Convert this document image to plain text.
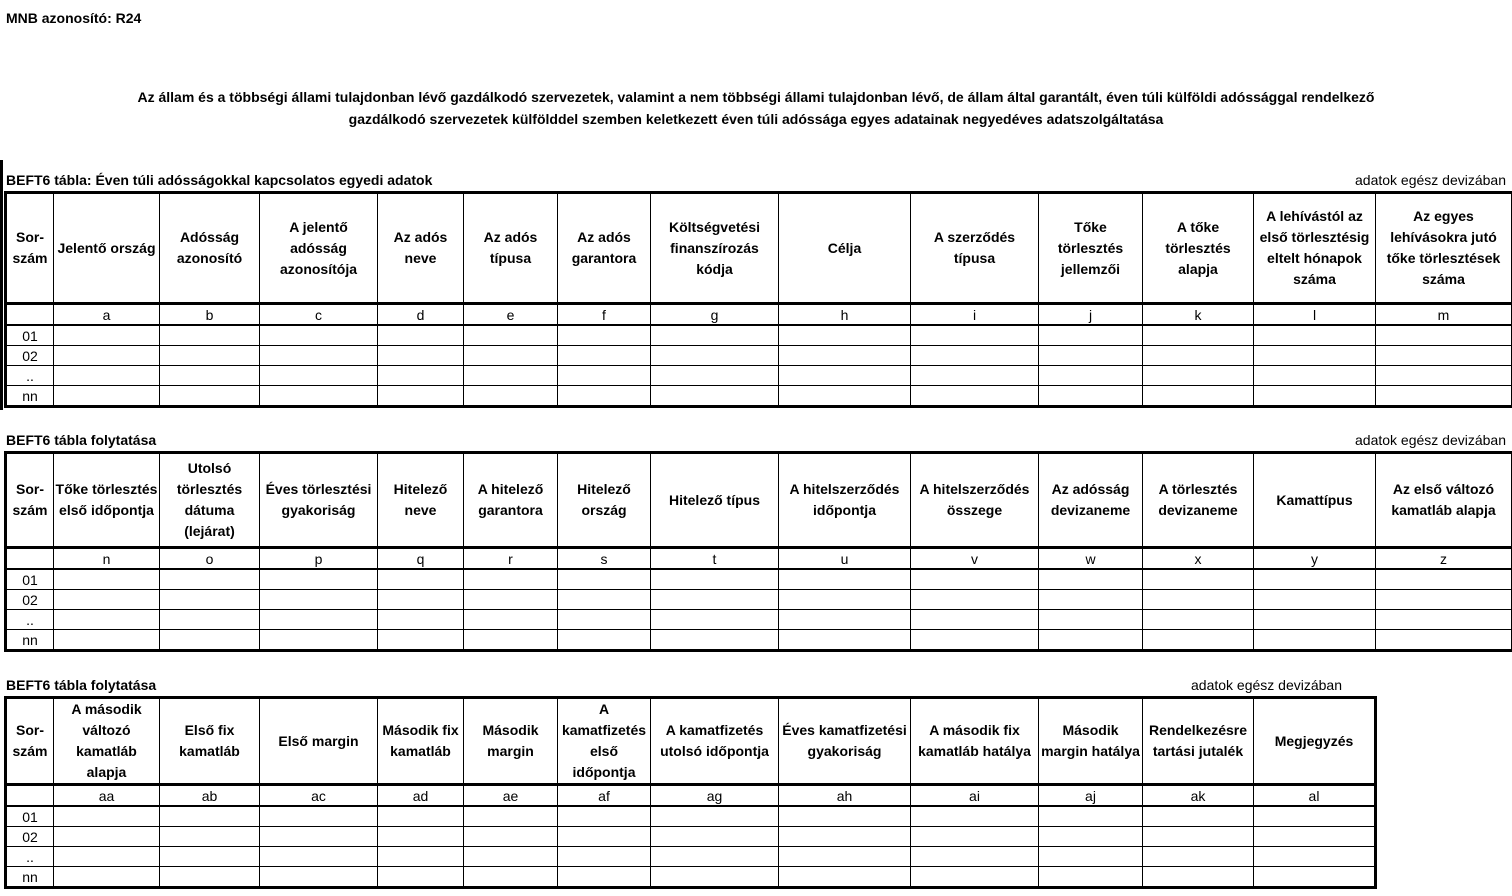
MNB azonosító: R24
Az állam és a többségi állami tulajdonban lévő gazdálkodó szervezetek, valamint a nem többségi állami tulajdonban lévő, de állam által garantált, éven túli külföldi adóssággal rendelkező
gazdálkodó szervezetek külfölddel szemben keletkezett éven túli adóssága egyes adatainak negyedéves adatszolgáltatása
BEFT6 tábla: Éven túli adósságokkal kapcsolatos egyedi adatok	adatok egész devizában
Sor-szám	Jelentő ország	Adósság azonosító	A jelentő adósság azonosítója	Az adós neve	Az adós típusa	Az adós garantora	Költségvetési finanszírozás kódja	Célja	A szerződés típusa	Tőke törlesztés jellemzői	A tőke törlesztés alapja	A lehívástól az első törlesztésig eltelt hónapok száma	Az egyes lehívásokra jutó tőke törlesztések száma
	a	b	c	d	e	f	g	h	i	j	k	l	m
01													
02													
..													
nn													
BEFT6 tábla folytatása	adatok egész devizában
Sor-szám	Tőke törlesztés első időpontja	Utolsó törlesztés dátuma (lejárat)	Éves törlesztési gyakoriság	Hitelező neve	A hitelező garantora	Hitelező ország	Hitelező típus	A hitelszerződés időpontja	A hitelszerződés összege	Az adósság devizaneme	A törlesztés devizaneme	Kamattípus	Az első változó kamatláb alapja
	n	o	p	q	r	s	t	u	v	w	x	y	z
01													
02													
..													
nn													
BEFT6 tábla folytatása	adatok egész devizában
Sor-szám	A második változó kamatláb alapja	Első fix kamatláb	Első margin	Második fix kamatláb	Második margin	A kamatfizetés első időpontja	A kamatfizetés utolsó időpontja	Éves kamatfizetési gyakoriság	A második fix kamatláb hatálya	Második margin hatálya	Rendelkezésre tartási jutalék	Megjegyzés
	aa	ab	ac	ad	ae	af	ag	ah	ai	aj	ak	al
01												
02												
..												
nn												
